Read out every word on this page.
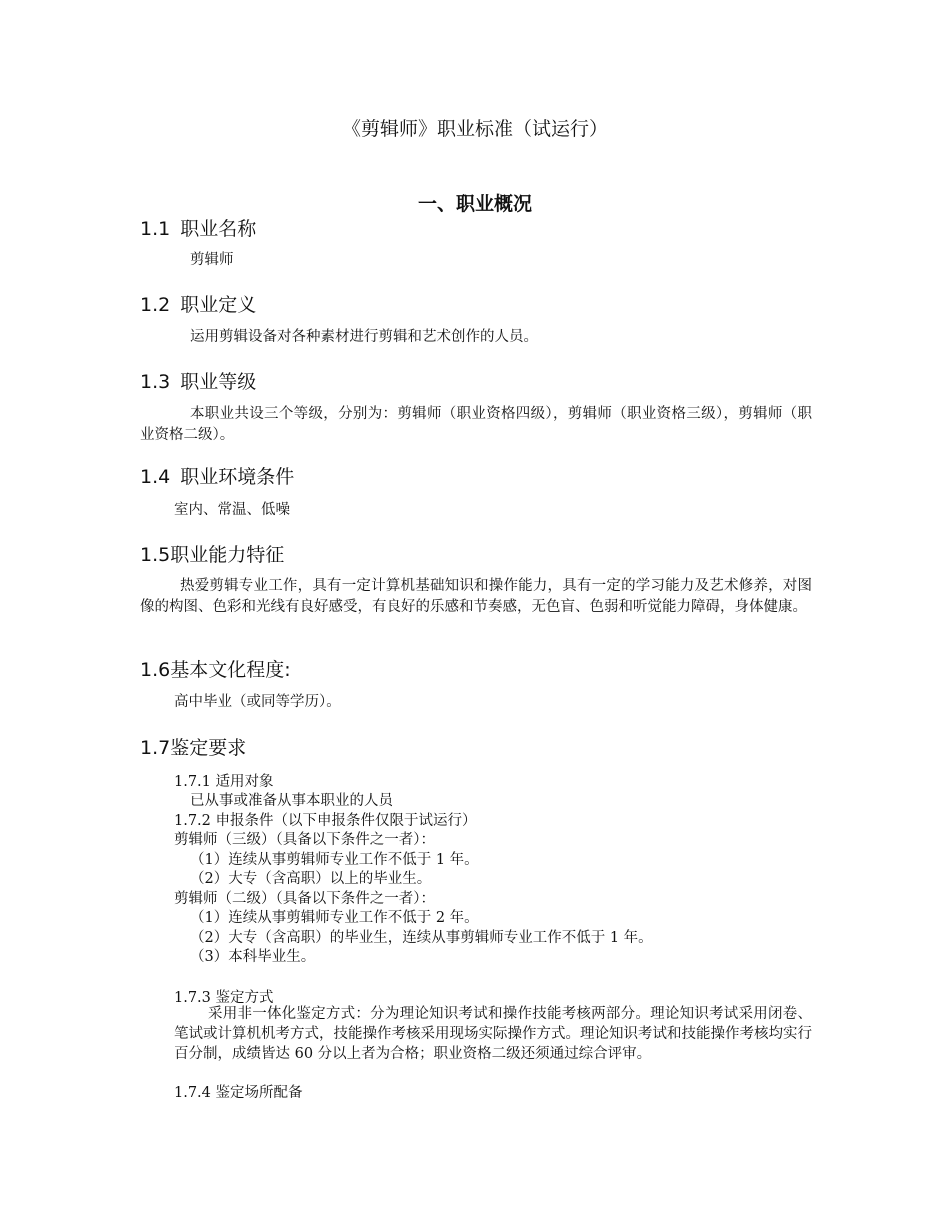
《剪辑师》职业标准（试运行）
一、职业概况
1.1 职业名称
剪辑师
1.2 职业定义
运用剪辑设备对各种素材进行剪辑和艺术创作的人员。
1.3 职业等级
本职业共设三个等级，分别为：剪辑师（职业资格四级），剪辑师（职业资格三级），剪辑师（职业资格二级）。
1.4 职业环境条件
室内、常温、低噪
1.5职业能力特征
热爱剪辑专业工作，具有一定计算机基础知识和操作能力，具有一定的学习能力及艺术修养，对图像的构图、色彩和光线有良好感受，有良好的乐感和节奏感，无色盲、色弱和听觉能力障碍，身体健康。
1.6基本文化程度:
高中毕业（或同等学历）。
1.7鉴定要求
1.7.1 适用对象
已从事或准备从事本职业的人员
1.7.2 申报条件（以下申报条件仅限于试运行）
剪辑师（三级）（具备以下条件之一者）：
（1）连续从事剪辑师专业工作不低于 1 年。
（2）大专（含高职）以上的毕业生。
剪辑师（二级）（具备以下条件之一者）：
（1）连续从事剪辑师专业工作不低于 2 年。
（2）大专（含高职）的毕业生，连续从事剪辑师专业工作不低于 1 年。
（3）本科毕业生。
1.7.3 鉴定方式
采用非一体化鉴定方式：分为理论知识考试和操作技能考核两部分。理论知识考试采用闭卷、笔试或计算机机考方式，技能操作考核采用现场实际操作方式。理论知识考试和技能操作考核均实行百分制，成绩皆达 60 分以上者为合格；职业资格二级还须通过综合评审。
1.7.4 鉴定场所配备
